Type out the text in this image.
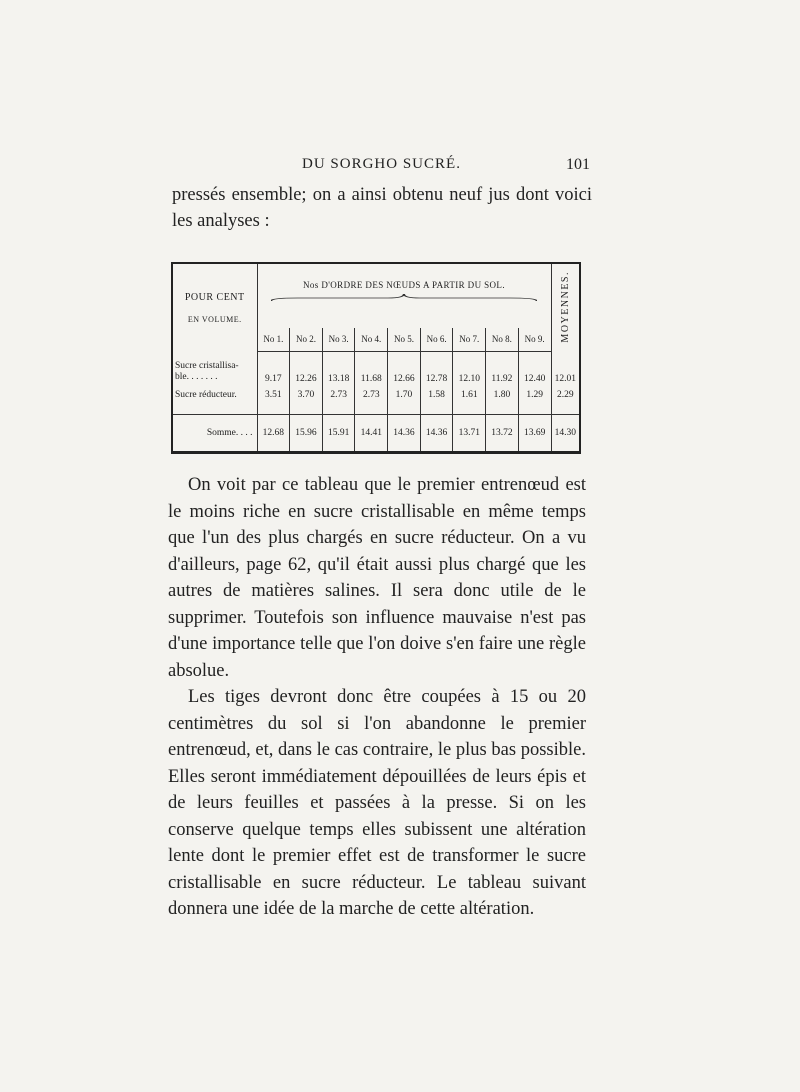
DU SORGHO SUCRÉ.	101

pressés ensemble; on a ainsi obtenu neuf jus dont voici les analyses :

POUR CENT
EN VOLUME.	Nos D'ORDRE DES NŒUDS A PARTIR DU SOL.									MOYENNES.
	No 1.	No 2.	No 3.	No 4.	No 5.	No 6.	No 7.	No 8.	No 9.	

Sucre cristallisa-
ble. . . . . . .	9.17	12.26	13.18	11.68	12.66	12.78	12.10	11.92	12.40	12.01
Sucre réducteur.	3.51	3.70	2.73	2.73	1.70	1.58	1.61	1.80	1.29	2.29

Somme. . . .	12.68	15.96	15.91	14.41	14.36	14.36	13.71	13.72	13.69	14.30

On voit par ce tableau que le premier entrenœud est le moins riche en sucre cristallisable en même temps que l'un des plus chargés en sucre réducteur. On a vu d'ailleurs, page 62, qu'il était aussi plus chargé que les autres de matières salines. Il sera donc utile de le supprimer. Toutefois son influence mauvaise n'est pas d'une importance telle que l'on doive s'en faire une règle absolue.

Les tiges devront donc être coupées à 15 ou 20 centimètres du sol si l'on abandonne le premier entrenœud, et, dans le cas contraire, le plus bas possible. Elles seront immédiatement dépouillées de leurs épis et de leurs feuilles et passées à la presse. Si on les conserve quelque temps elles subissent une altération lente dont le premier effet est de transformer le sucre cristallisable en sucre réducteur. Le tableau suivant donnera une idée de la marche de cette altération.
